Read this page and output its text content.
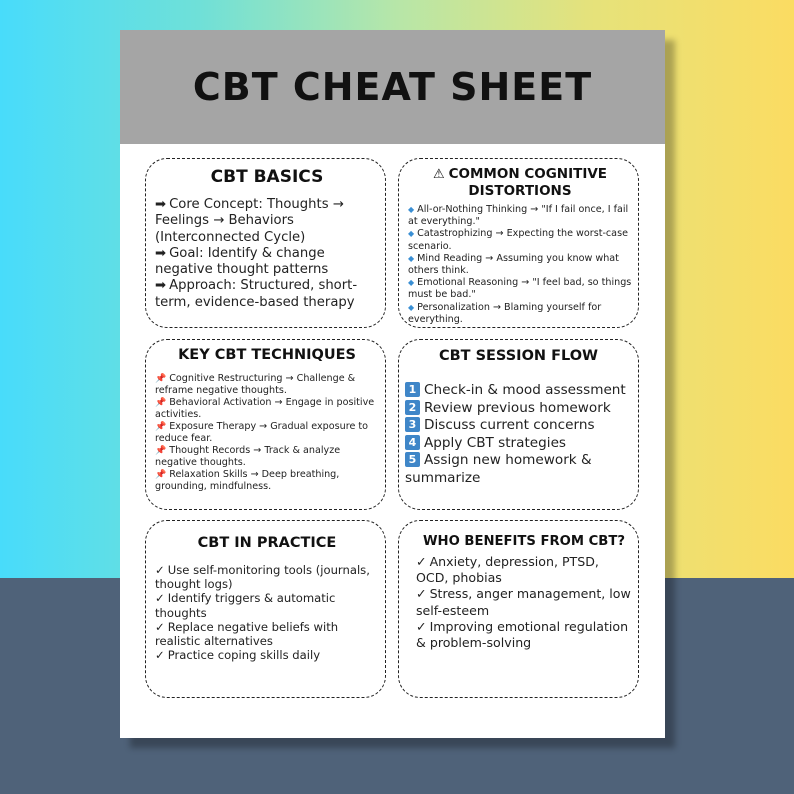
CBT CHEAT SHEET
CBT BASICS
➡ Core Concept: Thoughts → Feelings → Behaviors (Interconnected Cycle)
➡ Goal: Identify & change negative thought patterns
➡ Approach: Structured, short-term, evidence-based therapy
⚠ COMMON COGNITIVE DISTORTIONS
◆ All-or-Nothing Thinking → "If I fail once, I fail at everything."
◆ Catastrophizing → Expecting the worst-case scenario.
◆ Mind Reading → Assuming you know what others think.
◆ Emotional Reasoning → "I feel bad, so things must be bad."
◆ Personalization → Blaming yourself for everything.
KEY CBT TECHNIQUES
📌 Cognitive Restructuring → Challenge & reframe negative thoughts.
📌 Behavioral Activation → Engage in positive activities.
📌 Exposure Therapy → Gradual exposure to reduce fear.
📌 Thought Records → Track & analyze negative thoughts.
📌 Relaxation Skills → Deep breathing, grounding, mindfulness.
CBT SESSION FLOW
1 Check-in & mood assessment
2 Review previous homework
3 Discuss current concerns
4 Apply CBT strategies
5 Assign new homework & summarize
CBT IN PRACTICE
✓ Use self-monitoring tools (journals, thought logs)
✓ Identify triggers & automatic thoughts
✓ Replace negative beliefs with realistic alternatives
✓ Practice coping skills daily
WHO BENEFITS FROM CBT?
✓ Anxiety, depression, PTSD, OCD, phobias
✓ Stress, anger management, low self-esteem
✓ Improving emotional regulation & problem-solving
